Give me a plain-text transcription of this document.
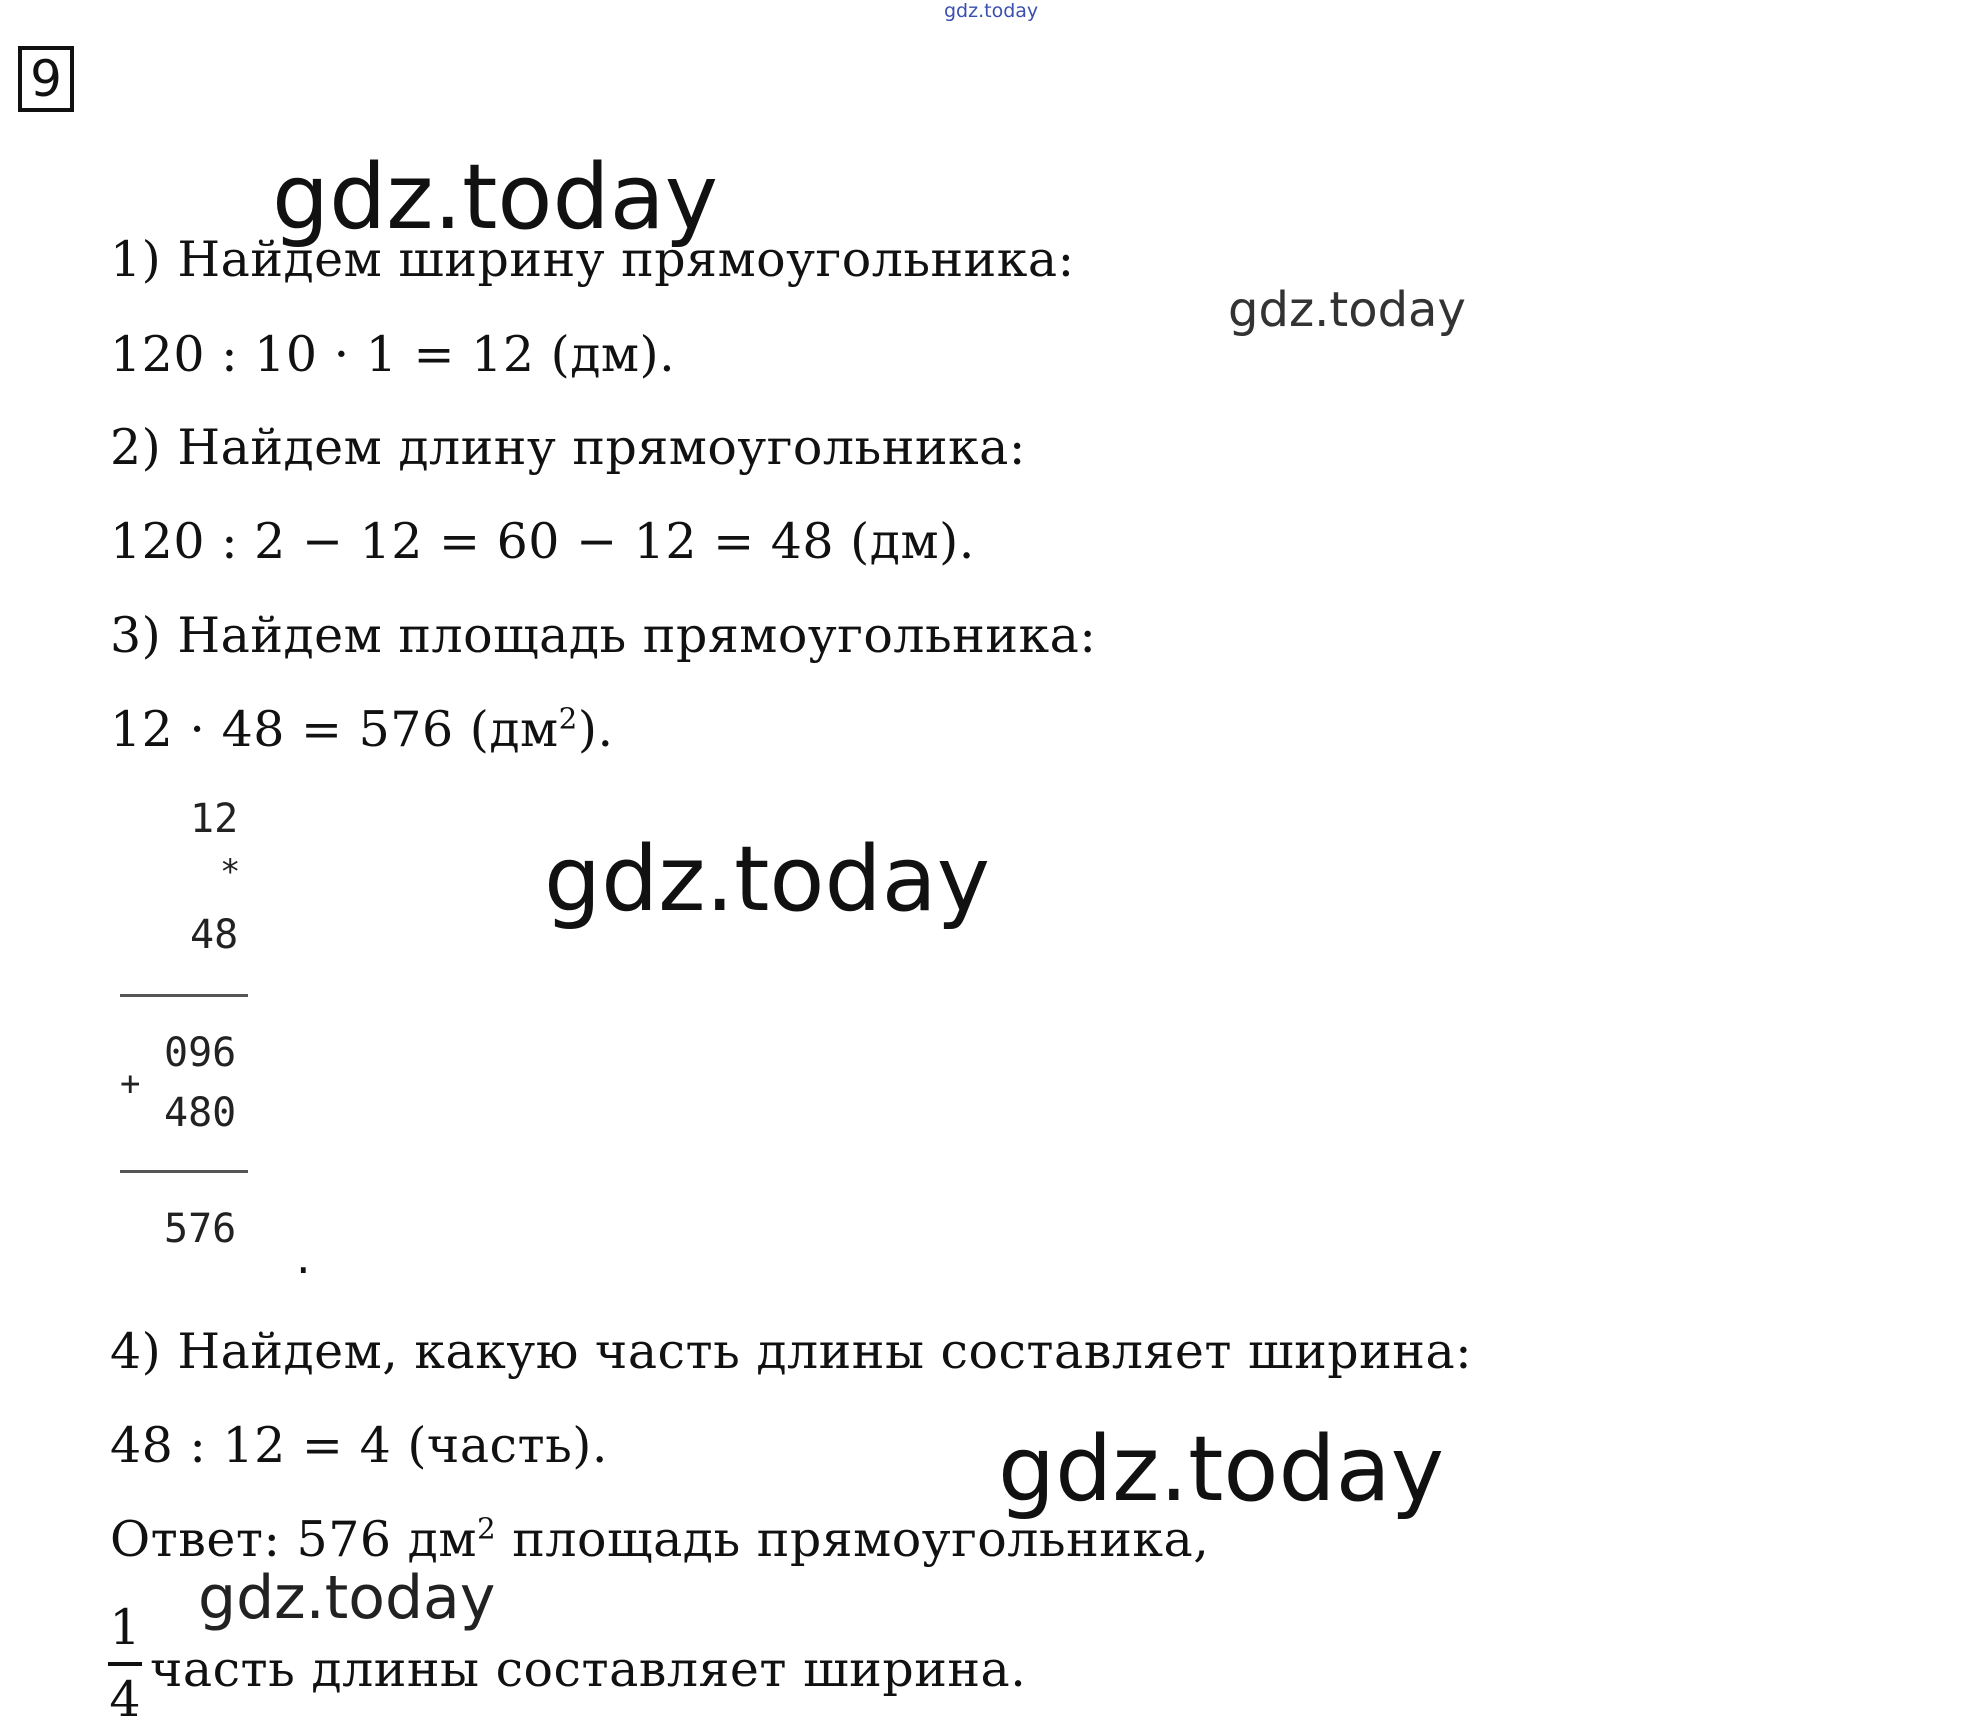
gdz.today
9
gdz.today
gdz.today
gdz.today
gdz.today
gdz.today
1) Найдем ширину прямоугольника:
120 : 10 · 1 = 12 (дм).
2) Найдем длину прямоугольника:
120 : 2 − 12 = 60 − 12 = 48 (дм).
3) Найдем площадь прямоугольника:
12 · 48 = 576 $(дм^2)$.
12
*
48
096
+
480
576
.
4) Найдем, какую часть длины составляет ширина:
48 : 12 = 4 (часть).
Ответ: 576 $дм^2$ площадь прямоугольника,
1
4
часть длины составляет ширина.
